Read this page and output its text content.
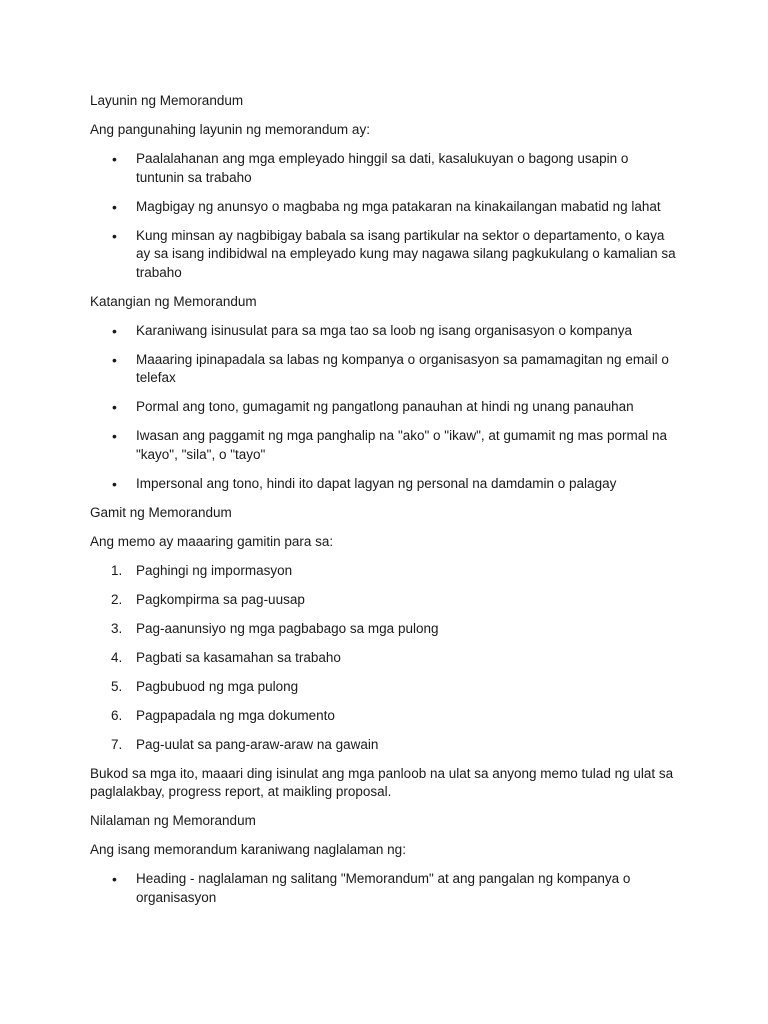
Layunin ng Memorandum

Ang pangunahing layunin ng memorandum ay:

• Paalalahanan ang mga empleyado hinggil sa dati, kasalukuyan o bagong usapin o tuntunin sa trabaho
• Magbigay ng anunsyo o magbaba ng mga patakaran na kinakailangan mabatid ng lahat
• Kung minsan ay nagbibigay babala sa isang partikular na sektor o departamento, o kaya ay sa isang indibidwal na empleyado kung may nagawa silang pagkukulang o kamalian sa trabaho

Katangian ng Memorandum

• Karaniwang isinusulat para sa mga tao sa loob ng isang organisasyon o kompanya
• Maaaring ipinapadala sa labas ng kompanya o organisasyon sa pamamagitan ng email o telefax
• Pormal ang tono, gumagamit ng pangatlong panauhan at hindi ng unang panauhan
• Iwasan ang paggamit ng mga panghalip na "ako" o "ikaw", at gumamit ng mas pormal na "kayo", "sila", o "tayo"
• Impersonal ang tono, hindi ito dapat lagyan ng personal na damdamin o palagay

Gamit ng Memorandum

Ang memo ay maaaring gamitin para sa:

1. Paghingi ng impormasyon
2. Pagkompirma sa pag-uusap
3. Pag-aanunsiyo ng mga pagbabago sa mga pulong
4. Pagbati sa kasamahan sa trabaho
5. Pagbubuod ng mga pulong
6. Pagpapadala ng mga dokumento
7. Pag-uulat sa pang-araw-araw na gawain

Bukod sa mga ito, maaari ding isinulat ang mga panloob na ulat sa anyong memo tulad ng ulat sa paglalakbay, progress report, at maikling proposal.

Nilalaman ng Memorandum

Ang isang memorandum karaniwang naglalaman ng:

• Heading - naglalaman ng salitang "Memorandum" at ang pangalan ng kompanya o organisasyon
